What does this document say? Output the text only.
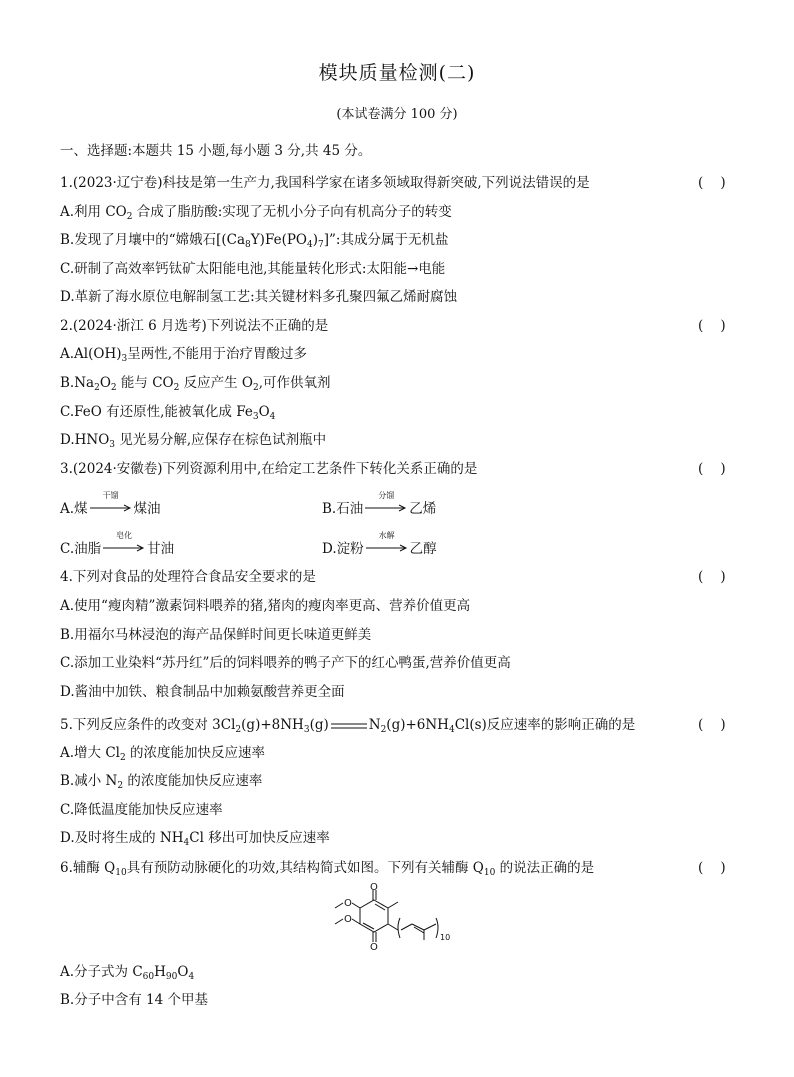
模块质量检测(二)
(本试卷满分 100 分)
一、选择题:本题共 15 小题,每小题 3 分,共 45 分。
1.(2023·辽宁卷)科技是第一生产力,我国科学家在诸多领域取得新突破,下列说法错误的是	(    )
A.利用 $CO_2$ 合成了脂肪酸:实现了无机小分子向有机高分子的转变
B.发现了月壤中的“嫦娥石$[(Ca_8Y)Fe(PO_4)_7]$”:其成分属于无机盐
C.研制了高效率钙钛矿太阳能电池,其能量转化形式:太阳能→电能
D.革新了海水原位电解制氢工艺:其关键材料多孔聚四氟乙烯耐腐蚀
2.(2024·浙江 6 月选考)下列说法不正确的是	(    )
$A.Al(OH)_3$呈两性,不能用于治疗胃酸过多
$B.Na_2O_2$ 能与 $CO_2$ 反应产生 $O_2$,可作供氧剂
C.FeO 有还原性,能被氧化成 $Fe_3O_4$
$D.HNO_3$ 见光易分解,应保存在棕色试剂瓶中
3.(2024·安徽卷)下列资源利用中,在给定工艺条件下转化关系正确的是	(    )
A.煤
干馏
煤油	B.石油
分馏
乙烯
C.油脂
皂化
甘油	D.淀粉
水解
乙醇
4.下列对食品的处理符合食品安全要求的是	(    )
A.使用“瘦肉精”激素饲料喂养的猪,猪肉的瘦肉率更高、营养价值更高
B.用福尔马林浸泡的海产品保鲜时间更长味道更鲜美
C.添加工业染料“苏丹红”后的饲料喂养的鸭子产下的红心鸭蛋,营养价值更高
D.酱油中加铁、粮食制品中加赖氨酸营养更全面
5.下列反应条件的改变对 $3Cl_2(g)+8NH_3(g)$	$N_2(g)+6NH_4Cl(s)$反应速率的影响正确的是	(    )
A.增大 $Cl_2$ 的浓度能加快反应速率
B.减小 $N_2$ 的浓度能加快反应速率
C.降低温度能加快反应速率
D.及时将生成的 $NH_4Cl$ 移出可加快反应速率
6.辅酶 $Q_{10}$具有预防动脉硬化的功效,其结构简式如图。下列有关辅酶 $Q_{10}$ 的说法正确的是	(    )
O
O
O
O
10
A.分子式为 $C_{60}H_{90}O_4$
B.分子中含有 14 个甲基
